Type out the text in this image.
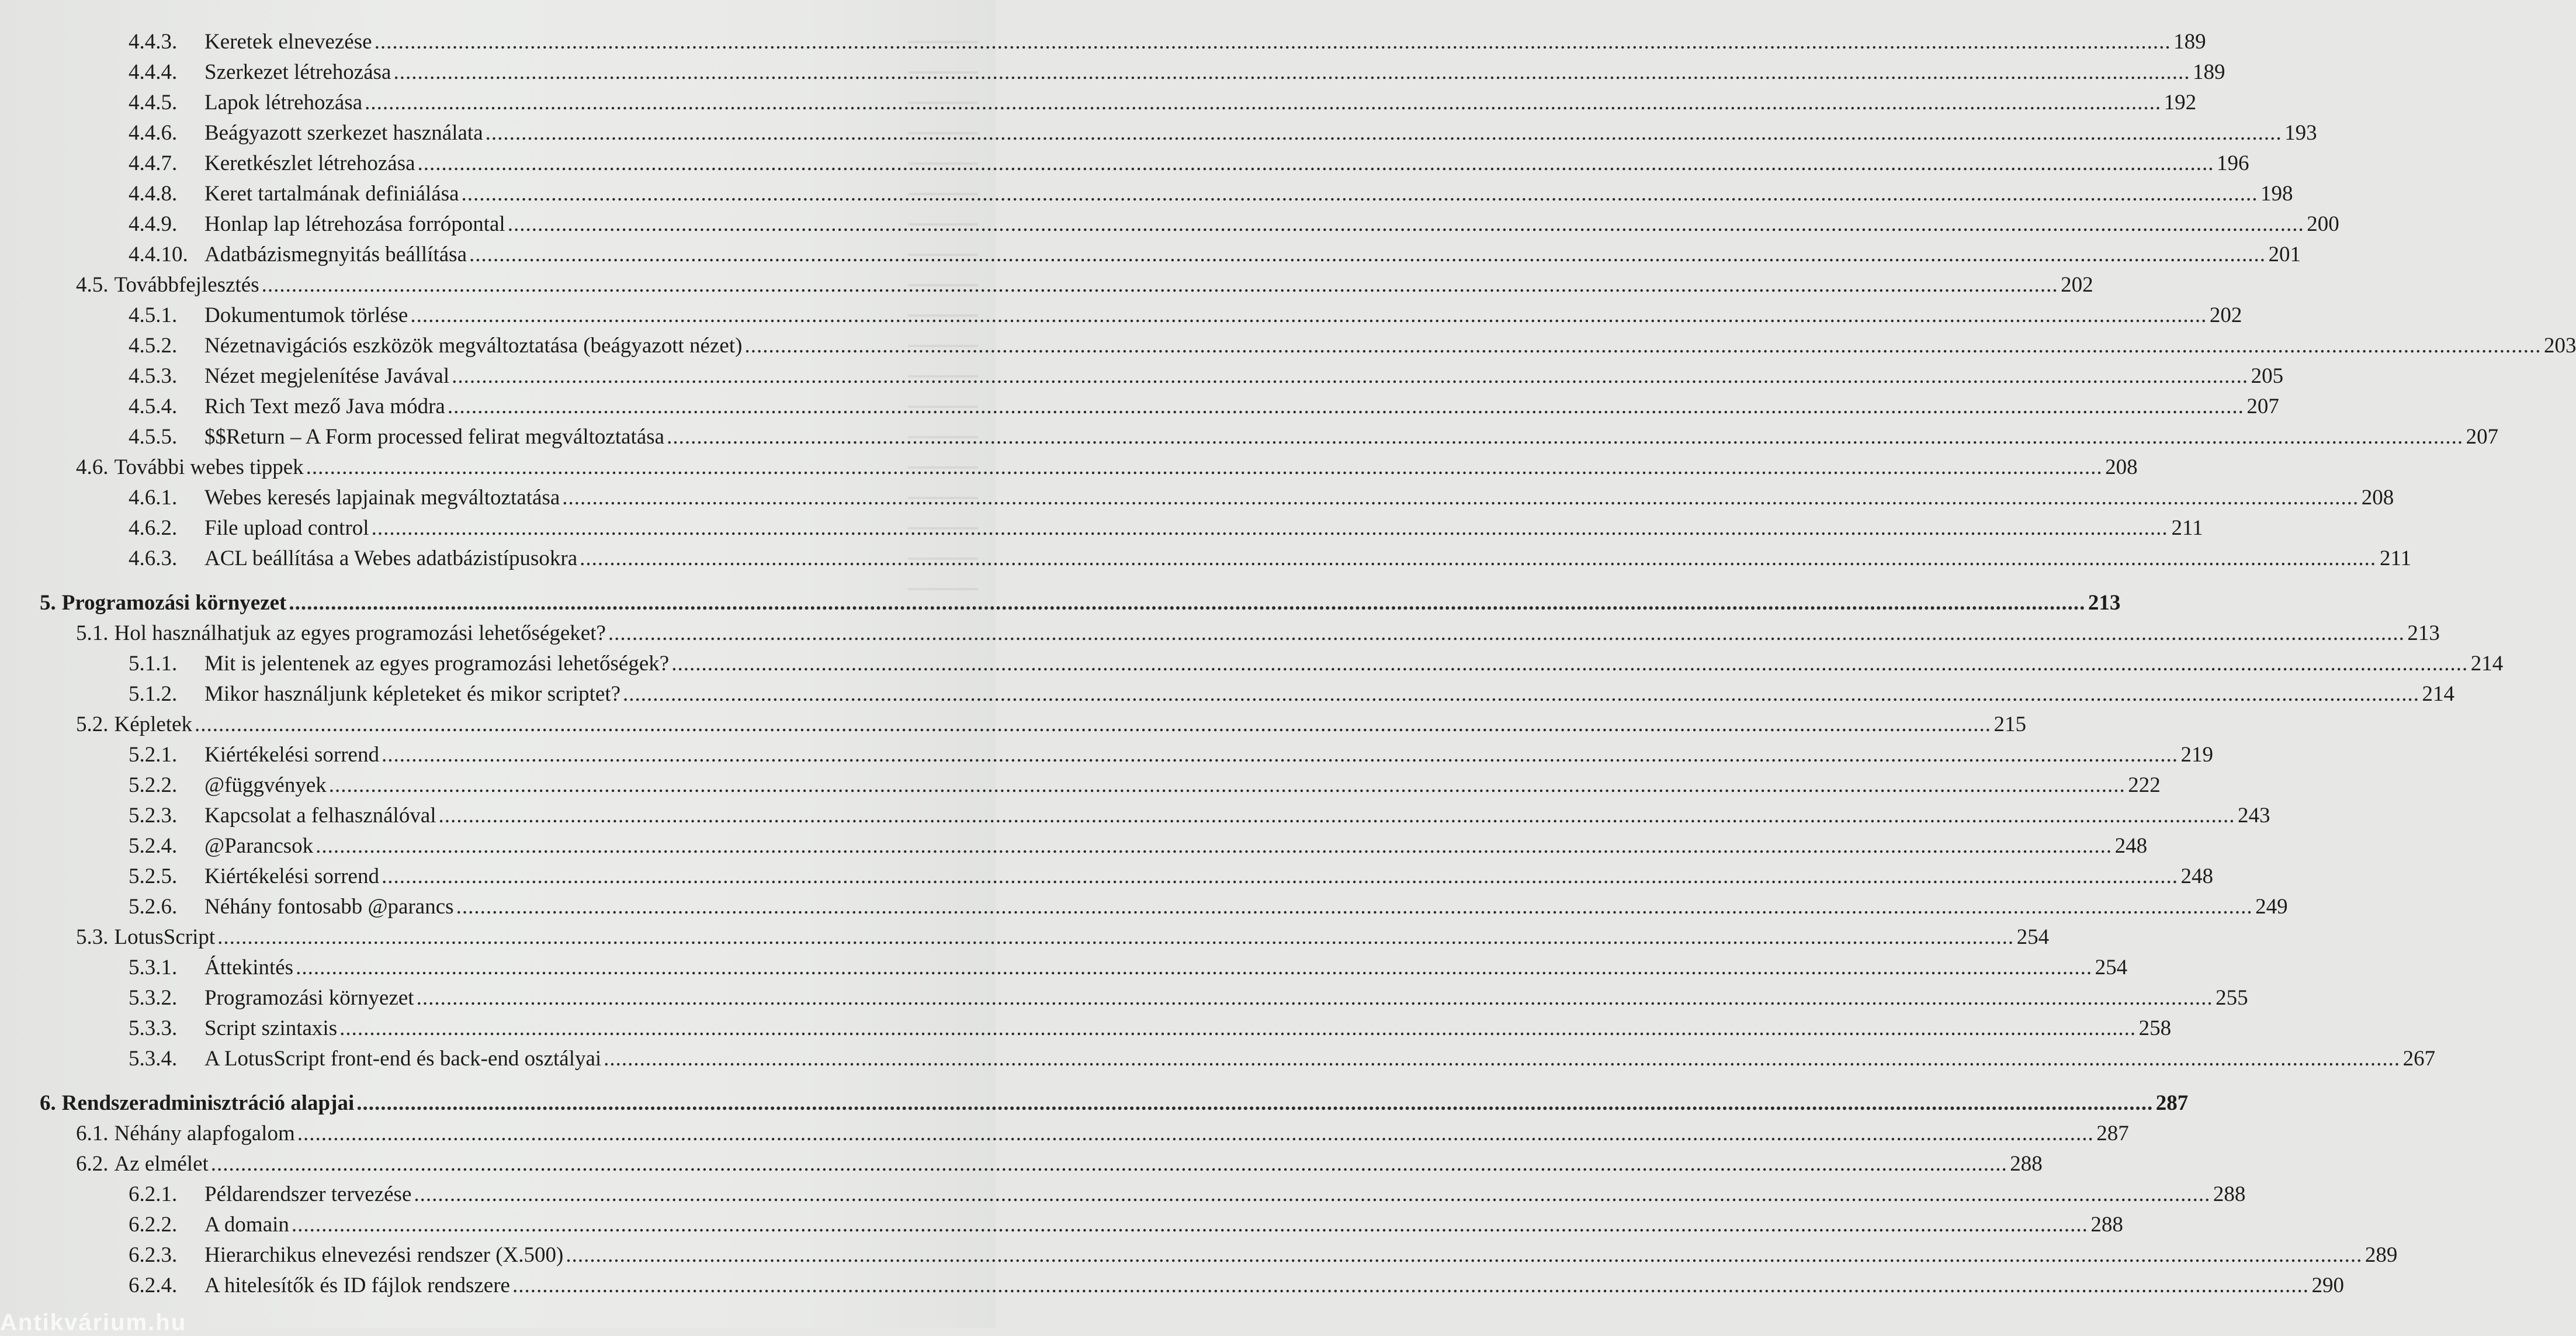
4.4.3.	Keretek elnevezése ............................................................................................................................................................................................................................................................................................................ 189
4.4.4.	Szerkezet létrehozása ............................................................................................................................................................................................................................................................................................................ 189
4.4.5.	Lapok létrehozása ............................................................................................................................................................................................................................................................................................................ 192
4.4.6.	Beágyazott szerkezet használata ............................................................................................................................................................................................................................................................................................................ 193
4.4.7.	Keretkészlet létrehozása ............................................................................................................................................................................................................................................................................................................ 196
4.4.8.	Keret tartalmának definiálása ............................................................................................................................................................................................................................................................................................................ 198
4.4.9.	Honlap lap létrehozása forrópontal ............................................................................................................................................................................................................................................................................................................ 200
4.4.10. Adatbázismegnyitás beállítása ............................................................................................................................................................................................................................................................................................................ 201
4.5. Továbbfejlesztés ............................................................................................................................................................................................................................................................................................................ 202
4.5.1.	Dokumentumok törlése ............................................................................................................................................................................................................................................................................................................ 202
4.5.2.	Nézetnavigációs eszközök megváltoztatása (beágyazott nézet) ............................................................................................................................................................................................................................................................................................................ 203
4.5.3.	Nézet megjelenítése Javával ............................................................................................................................................................................................................................................................................................................ 205
4.5.4.	Rich Text mező Java módra ............................................................................................................................................................................................................................................................................................................ 207
4.5.5.	$$Return – A Form processed felirat megváltoztatása ............................................................................................................................................................................................................................................................................................................ 207
4.6. További webes tippek ............................................................................................................................................................................................................................................................................................................ 208
4.6.1.	Webes keresés lapjainak megváltoztatása ............................................................................................................................................................................................................................................................................................................ 208
4.6.2.	File upload control ............................................................................................................................................................................................................................................................................................................ 211
4.6.3.	ACL beállítása a Webes adatbázistípusokra ............................................................................................................................................................................................................................................................................................................ 211
5. Programozási környezet ............................................................................................................................................................................................................................................................................................................ 213
5.1. Hol használhatjuk az egyes programozási lehetőségeket? ............................................................................................................................................................................................................................................................................................................ 213
5.1.1.	Mit is jelentenek az egyes programozási lehetőségek? ............................................................................................................................................................................................................................................................................................................ 214
5.1.2.	Mikor használjunk képleteket és mikor scriptet? ............................................................................................................................................................................................................................................................................................................ 214
5.2. Képletek ............................................................................................................................................................................................................................................................................................................ 215
5.2.1.	Kiértékelési sorrend ............................................................................................................................................................................................................................................................................................................ 219
5.2.2.	@függvények ............................................................................................................................................................................................................................................................................................................ 222
5.2.3.	Kapcsolat a felhasználóval ............................................................................................................................................................................................................................................................................................................ 243
5.2.4.	@Parancsok ............................................................................................................................................................................................................................................................................................................ 248
5.2.5.	Kiértékelési sorrend ............................................................................................................................................................................................................................................................................................................ 248
5.2.6.	Néhány fontosabb @parancs ............................................................................................................................................................................................................................................................................................................ 249
5.3. LotusScript ............................................................................................................................................................................................................................................................................................................ 254
5.3.1.	Áttekintés ............................................................................................................................................................................................................................................................................................................ 254
5.3.2.	Programozási környezet ............................................................................................................................................................................................................................................................................................................ 255
5.3.3.	Script szintaxis ............................................................................................................................................................................................................................................................................................................ 258
5.3.4.	A LotusScript front-end és back-end osztályai ............................................................................................................................................................................................................................................................................................................ 267
6. Rendszeradminisztráció alapjai ............................................................................................................................................................................................................................................................................................................ 287
6.1. Néhány alapfogalom ............................................................................................................................................................................................................................................................................................................ 287
6.2. Az elmélet ............................................................................................................................................................................................................................................................................................................ 288
6.2.1.	Példarendszer tervezése ............................................................................................................................................................................................................................................................................................................ 288
6.2.2.	A domain ............................................................................................................................................................................................................................................................................................................ 288
6.2.3.	Hierarchikus elnevezési rendszer (X.500) ............................................................................................................................................................................................................................................................................................................ 289
6.2.4.	A hitelesítők és ID fájlok rendszere ............................................................................................................................................................................................................................................................................................................ 290
Antikvárium.hu
